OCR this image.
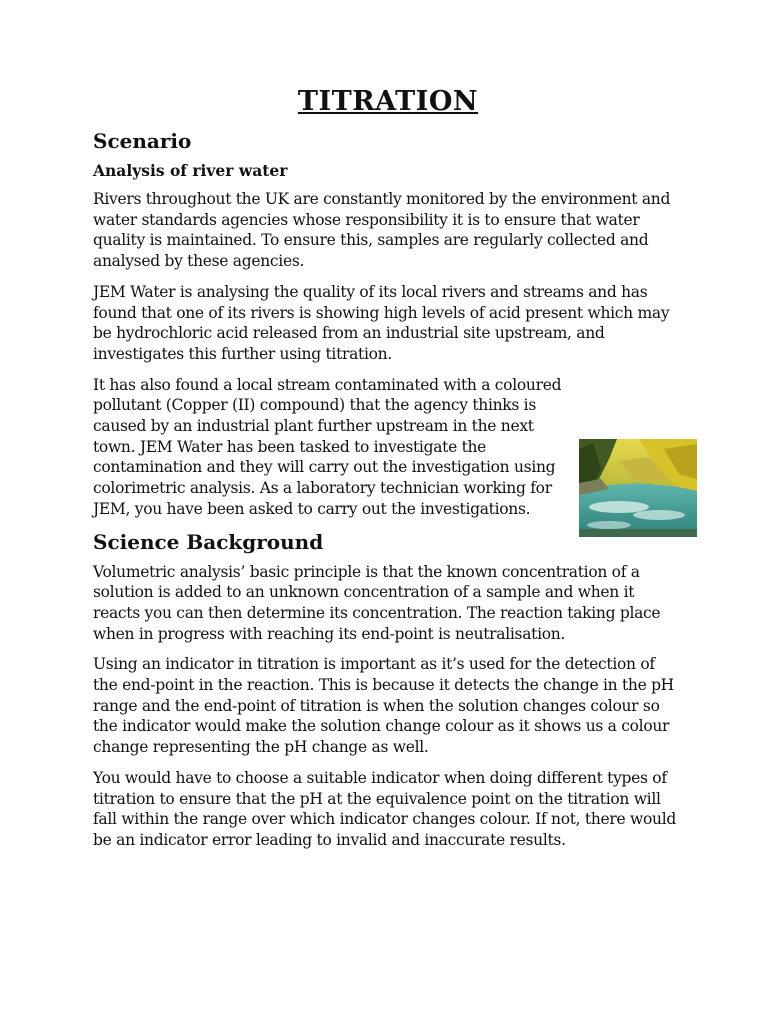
TITRATION
Scenario
Analysis of river water

Rivers throughout the UK are constantly monitored by the environment and water standards agencies whose responsibility it is to ensure that water quality is maintained. To ensure this, samples are regularly collected and analysed by these agencies.

JEM Water is analysing the quality of its local rivers and streams and has found that one of its rivers is showing high levels of acid present which may be hydrochloric acid released from an industrial site upstream, and investigates this further using titration.

It has also found a local stream contaminated with a coloured pollutant (Copper (II) compound) that the agency thinks is caused by an industrial plant further upstream in the next town. JEM Water has been tasked to investigate the contamination and they will carry out the investigation using colorimetric analysis. As a laboratory technician working for JEM, you have been asked to carry out the investigations.

Science Background

Volumetric analysis’ basic principle is that the known concentration of a solution is added to an unknown concentration of a sample and when it reacts you can then determine its concentration. The reaction taking place when in progress with reaching its end-point is neutralisation.

Using an indicator in titration is important as it’s used for the detection of the end-point in the reaction. This is because it detects the change in the pH range and the end-point of titration is when the solution changes colour so the indicator would make the solution change colour as it shows us a colour change representing the pH change as well.

You would have to choose a suitable indicator when doing different types of titration to ensure that the pH at the equivalence point on the titration will fall within the range over which indicator changes colour. If not, there would be an indicator error leading to invalid and inaccurate results.
